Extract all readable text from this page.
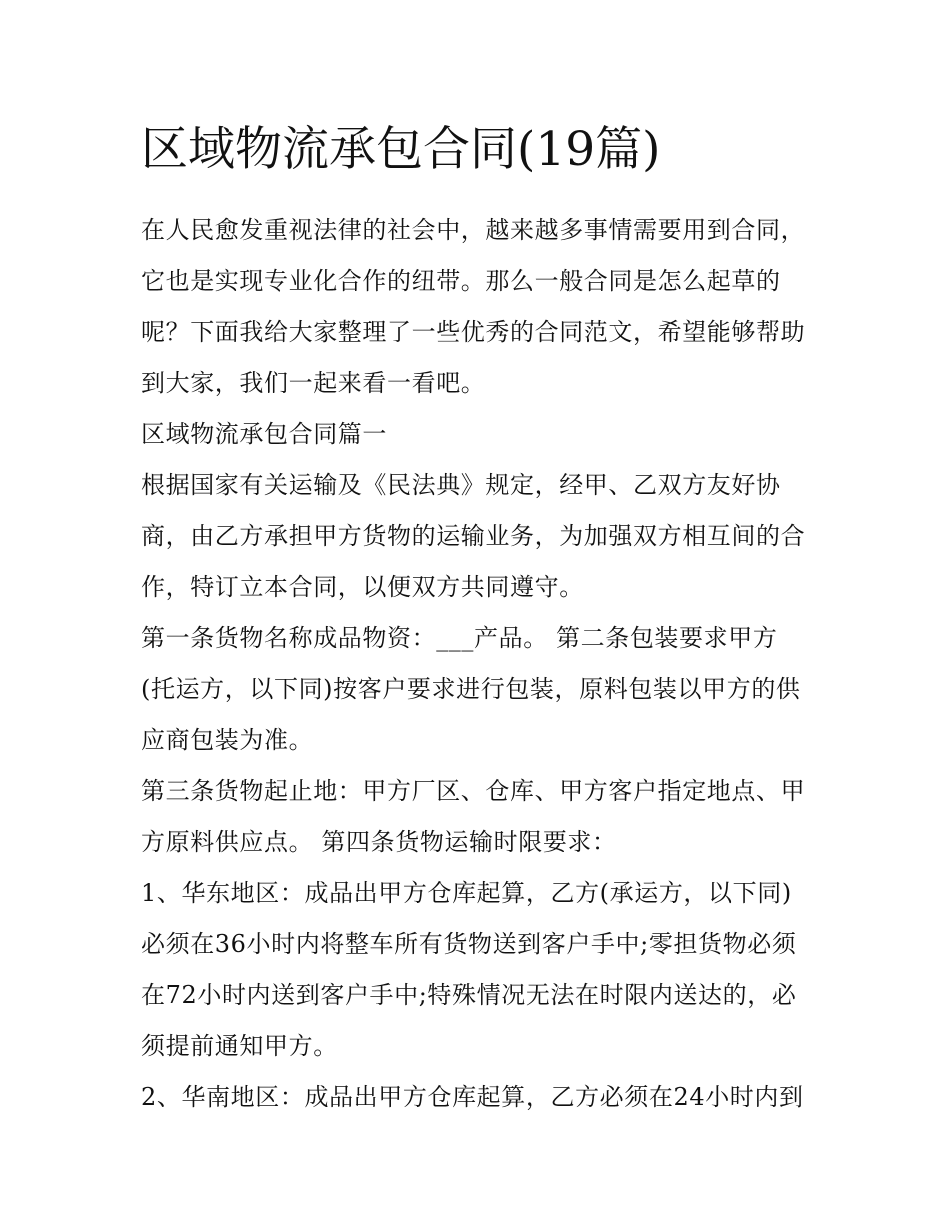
区域物流承包合同(19篇)
在人民愈发重视法律的社会中，越来越多事情需要用到合同，
它也是实现专业化合作的纽带。那么一般合同是怎么起草的
呢？下面我给大家整理了一些优秀的合同范文，希望能够帮助
到大家，我们一起来看一看吧。
区域物流承包合同篇一
根据国家有关运输及《民法典》规定，经甲、乙双方友好协
商，由乙方承担甲方货物的运输业务，为加强双方相互间的合
作，特订立本合同，以便双方共同遵守。
第一条货物名称成品物资：___产品。 第二条包装要求甲方
(托运方，以下同)按客户要求进行包装，原料包装以甲方的供
应商包装为准。
第三条货物起止地：甲方厂区、仓库、甲方客户指定地点、甲
方原料供应点。 第四条货物运输时限要求：
1、华东地区：成品出甲方仓库起算，乙方(承运方，以下同)
必须在36小时内将整车所有货物送到客户手中;零担货物必须
在72小时内送到客户手中;特殊情况无法在时限内送达的，必
须提前通知甲方。
2、华南地区：成品出甲方仓库起算，乙方必须在24小时内到
